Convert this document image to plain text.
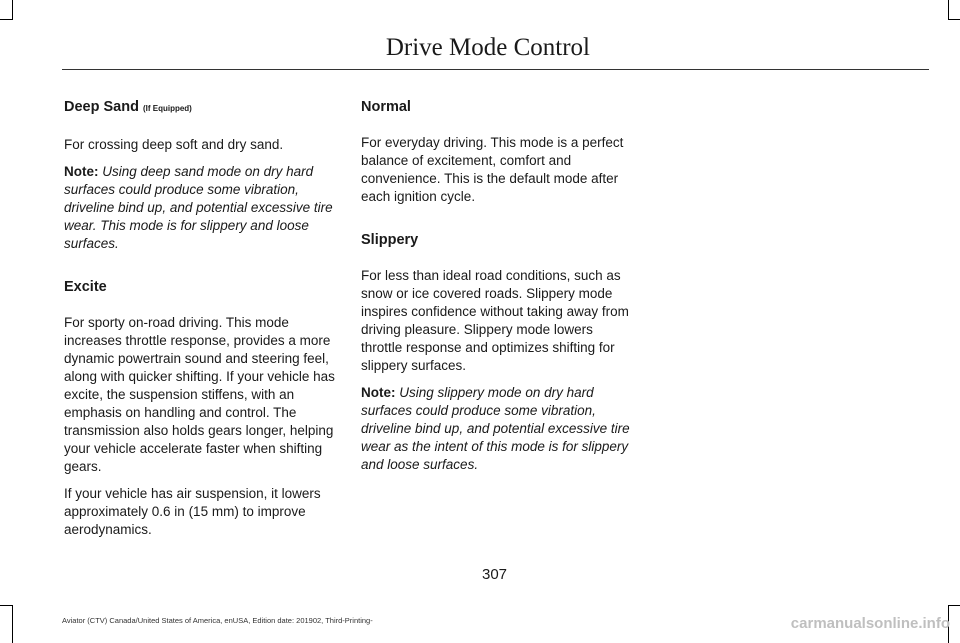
Drive Mode Control
Deep Sand (If Equipped)

For crossing deep soft and dry sand.

Note: Using deep sand mode on dry hard surfaces could produce some vibration, driveline bind up, and potential excessive tire wear. This mode is for slippery and loose surfaces.

Excite

For sporty on-road driving. This mode increases throttle response, provides a more dynamic powertrain sound and steering feel, along with quicker shifting. If your vehicle has excite, the suspension stiffens, with an emphasis on handling and control. The transmission also holds gears longer, helping your vehicle accelerate faster when shifting gears.

If your vehicle has air suspension, it lowers approximately 0.6 in (15 mm) to improve aerodynamics.

Normal

For everyday driving. This mode is a perfect balance of excitement, comfort and convenience. This is the default mode after each ignition cycle.

Slippery

For less than ideal road conditions, such as snow or ice covered roads. Slippery mode inspires confidence without taking away from driving pleasure. Slippery mode lowers throttle response and optimizes shifting for slippery surfaces.

Note: Using slippery mode on dry hard surfaces could produce some vibration, driveline bind up, and potential excessive tire wear as the intent of this mode is for slippery and loose surfaces.

307
Aviator (CTV) Canada/United States of America, enUSA, Edition date: 201902, Third-Printing-	carmanualsonline.info
